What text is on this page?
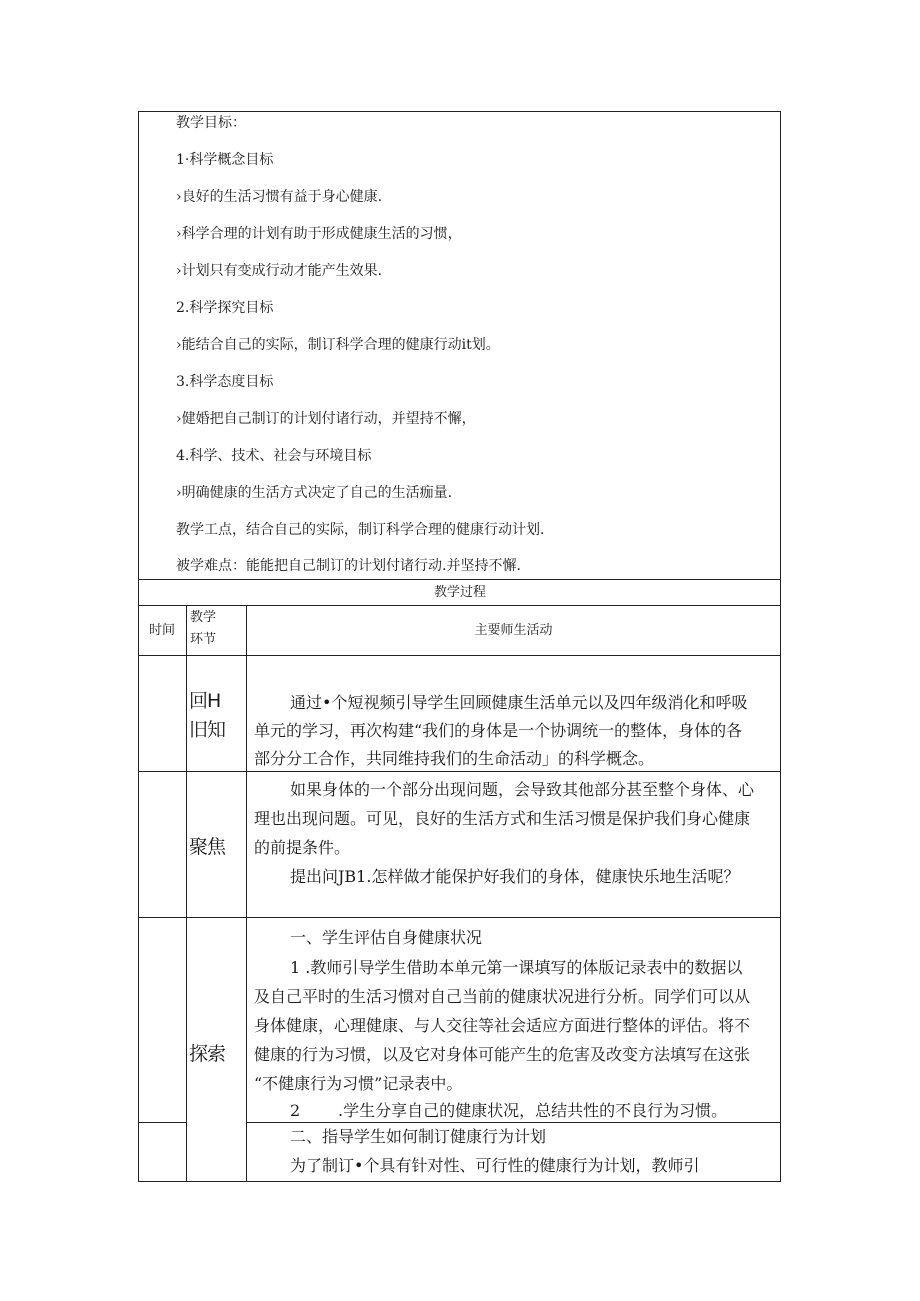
教学目标：
1·科学概念目标
›良好的生活习惯有益于身心健康.
›科学合理的计划有助于形成健康生活的习惯，
›计划只有变成行动才能产生效果.
2.科学探究目标
›能结合自己的实际，制订科学合理的健康行动it划。
3.科学态度目标
›健婚把自己制订的计划付诸行动，并望持不懈，
4.科学、技术、社会与环境目标
›明确健康的生活方式决定了自己的生活痂量.
教学工点，结合自己的实际，制订科学合理的健康行动计划.
被学难点：能能把自己制订的计划付诸行动.并坚持不懈.
教学过程
时间
教学
环节
主要师生活动
回H
旧知
通过•个短视频引导学生回顾健康生活单元以及四年级消化和呼吸
单元的学习，再次构建“我们的身体是一个协调统一的整体，身体的各
部分分工合作，共同维持我们的生命活动」的科学概念。
聚焦
如果身体的一个部分出现问题，会导致其他部分甚至整个身体、心
理也出现问题。可见，良好的生活方式和生活习惯是保护我们身心健康
的前提条件。
提出问JB1.怎样做才能保护好我们的身体，健康快乐地生活呢？
探索
一、学生评估自身健康状况
1 .教师引导学生借助本单元第一课填写的体版记录表中的数据以
及自己平时的生活习惯对自己当前的健康状况进行分析。同学们可以从
身体健康，心理健康、与人交往等社会适应方面进行整体的评估。将不
健康的行为习惯，以及它对身体可能产生的危害及改变方法填写在这张
“不健康行为习惯”记录表中。
2 .学生分享自己的健康状况，总结共性的不良行为习惯。
二、指导学生如何制订健康行为计划
为了制订•个具有针对性、可行性的健康行为计划，教师引
